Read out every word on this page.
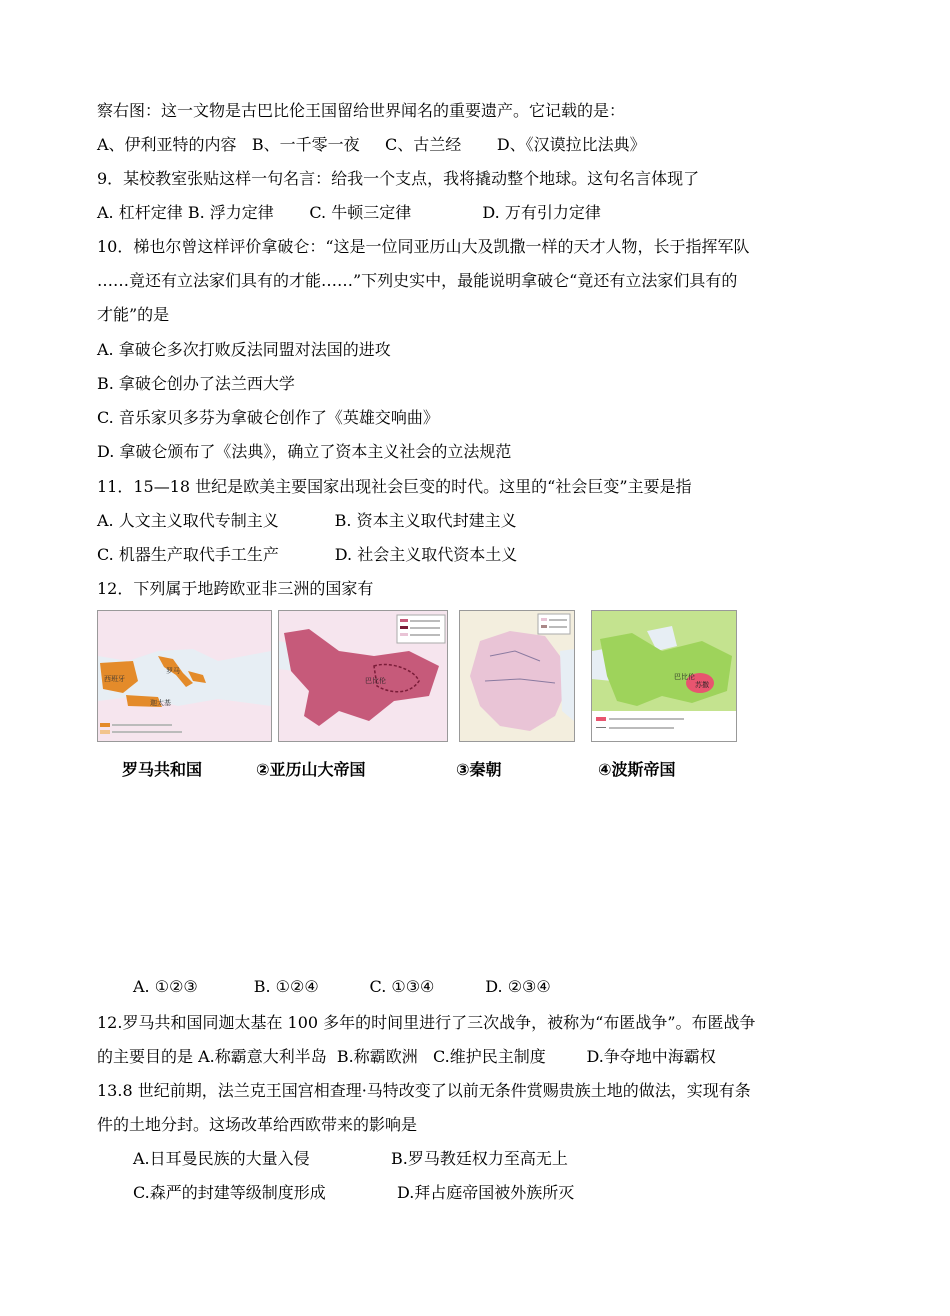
察右图：这一文物是古巴比伦王国留给世界闻名的重要遗产。它记载的是：
A、伊利亚特的内容   B、一千零一夜     C、古兰经       D、《汉谟拉比法典》
9．某校教室张贴这样一句名言：给我一个支点，我将撬动整个地球。这句名言体现了
A. 杠杆定律 B. 浮力定律       C. 牛顿三定律              D. 万有引力定律
10．梯也尔曾这样评价拿破仑：“这是一位同亚历山大及凯撒一样的天才人物，长于指挥军队
……竟还有立法家们具有的才能……”下列史实中，最能说明拿破仑“竟还有立法家们具有的
才能”的是
A. 拿破仑多次打败反法同盟对法国的进攻
B. 拿破仑创办了法兰西大学
C. 音乐家贝多芬为拿破仑创作了《英雄交响曲》
D. 拿破仑颁布了《法典》，确立了资本主义社会的立法规范
11．15—18 世纪是欧美主要国家出现社会巨变的时代。这里的“社会巨变”主要是指
A. 人文主义取代专制主义           B. 资本主义取代封建主义
C. 机器生产取代手工生产           D. 社会主义取代资本土义
12．下列属于地跨欧亚非三洲的国家有
A. ①②③           B. ①②④          C. ①③④          D. ②③④
12.罗马共和国同迦太基在 100 多年的时间里进行了三次战争，被称为“布匿战争”。布匿战争
的主要目的是 A.称霸意大利半岛  B.称霸欧洲   C.维护民主制度        D.争夺地中海霸权
13.8 世纪前期，法兰克王国宫相查理·马特改变了以前无条件赏赐贵族土地的做法，实现有条
件的土地分封。这场改革给西欧带来的影响是
A.日耳曼民族的大量入侵                B.罗马教廷权力至高无上
C.森严的封建等级制度形成              D.拜占庭帝国被外族所灭
西班牙
罗马
迦太基
巴比伦	巴比伦
苏撒
罗马共和国	②亚历山大帝国	③秦朝	④波斯帝国
